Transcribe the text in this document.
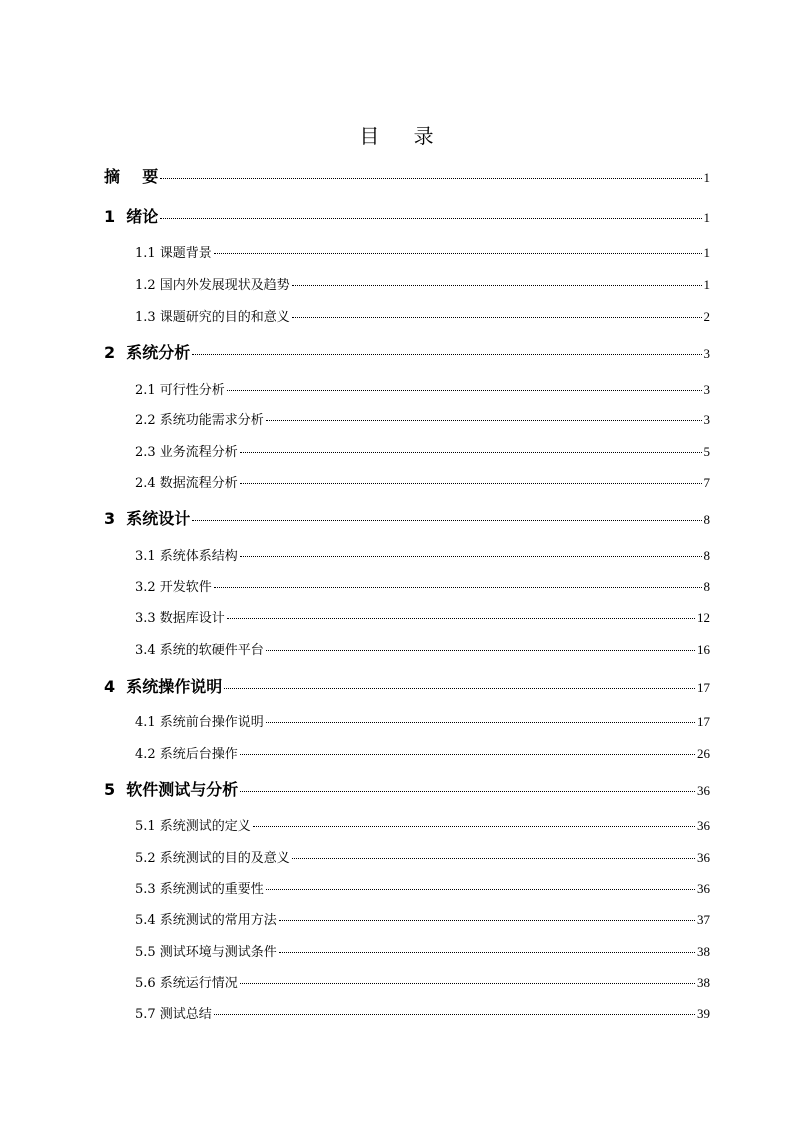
目 录
摘    要	1
1  绪论	1
1.1 课题背景	1
1.2 国内外发展现状及趋势	1
1.3 课题研究的目的和意义	2
2  系统分析	3
2.1 可行性分析	3
2.2 系统功能需求分析	3
2.3 业务流程分析	5
2.4 数据流程分析	7
3  系统设计	8
3.1 系统体系结构	8
3.2 开发软件	8
3.3 数据库设计	12
3.4 系统的软硬件平台	16
4  系统操作说明	17
4.1 系统前台操作说明	17
4.2 系统后台操作	26
5  软件测试与分析	36
5.1 系统测试的定义	36
5.2 系统测试的目的及意义	36
5.3 系统测试的重要性	36
5.4 系统测试的常用方法	37
5.5 测试环境与测试条件	38
5.6 系统运行情况	38
5.7 测试总结	39
